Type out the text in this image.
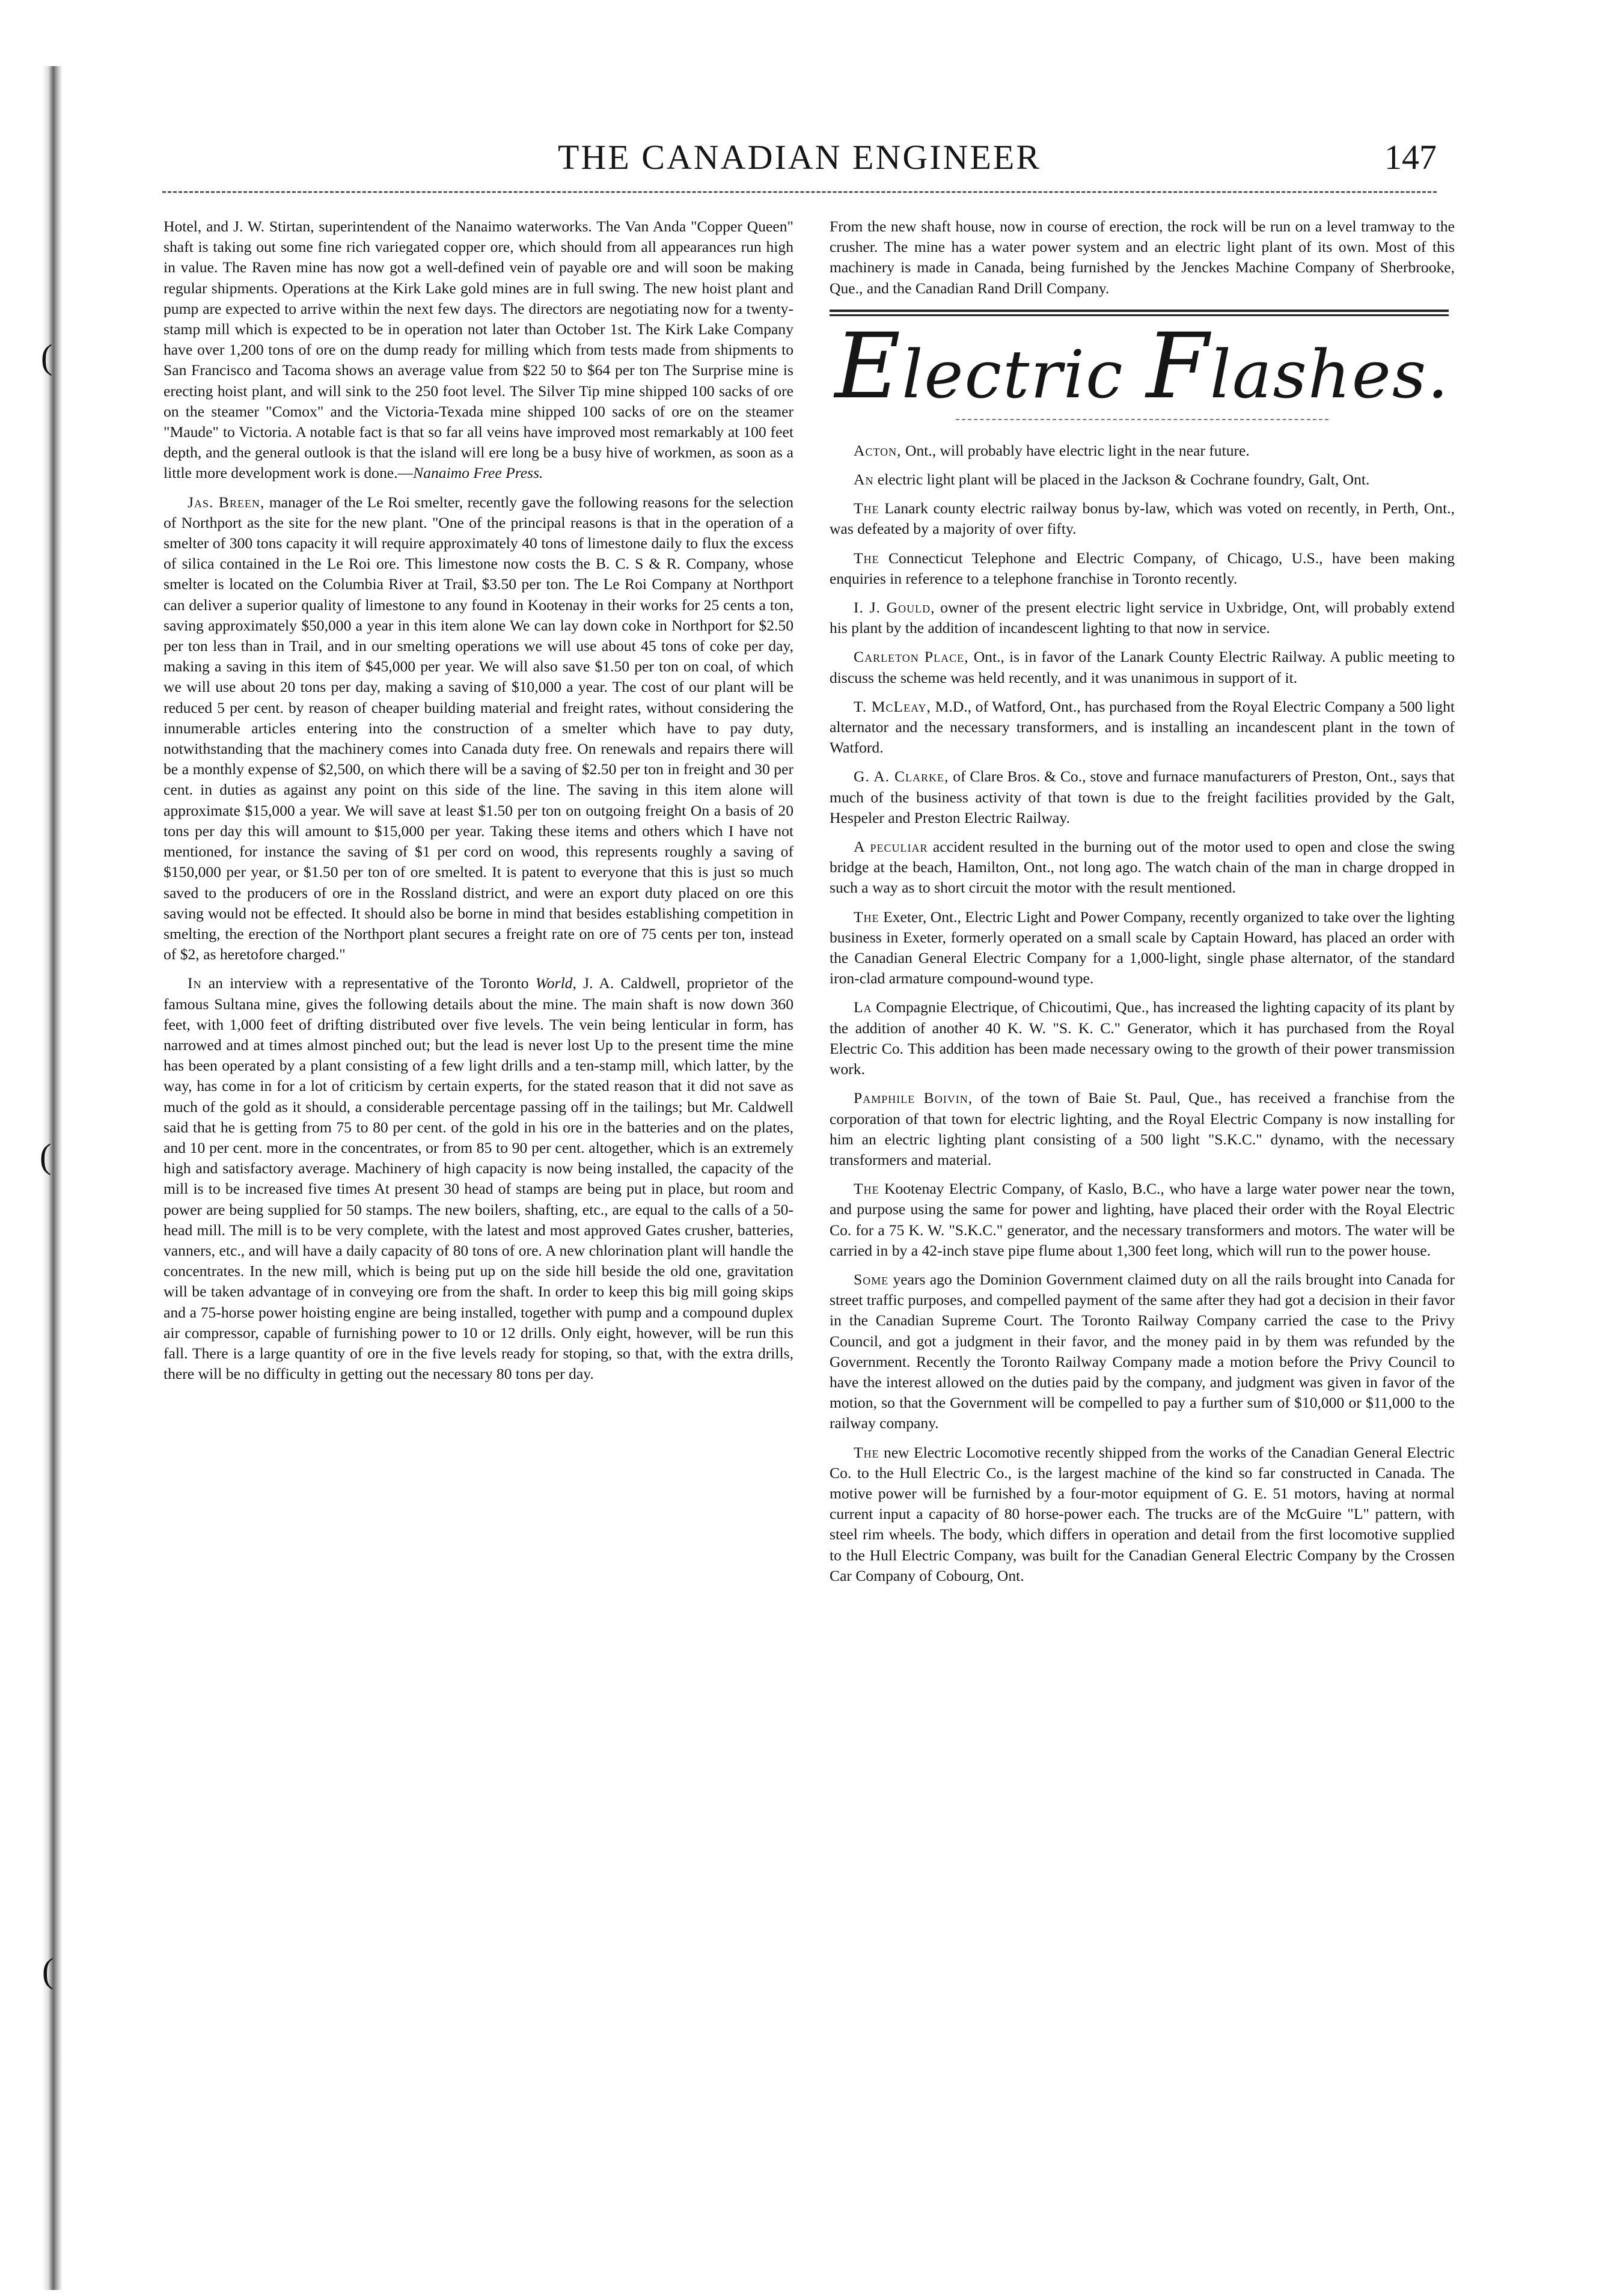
(
(
(
THE CANADIAN ENGINEER	147

Hotel, and J. W. Stirtan, superintendent of the Nanaimo waterworks. The Van Anda "Copper Queen" shaft is taking out some fine rich variegated copper ore, which should from all appearances run high in value. The Raven mine has now got a well-defined vein of payable ore and will soon be making regular shipments. Operations at the Kirk Lake gold mines are in full swing. The new hoist plant and pump are expected to arrive within the next few days. The directors are negotiating now for a twenty-stamp mill which is expected to be in operation not later than October 1st. The Kirk Lake Company have over 1,200 tons of ore on the dump ready for milling which from tests made from shipments to San Francisco and Tacoma shows an average value from $22 50 to $64 per ton The Surprise mine is erecting hoist plant, and will sink to the 250 foot level. The Silver Tip mine shipped 100 sacks of ore on the steamer "Comox" and the Victoria-Texada mine shipped 100 sacks of ore on the steamer "Maude" to Victoria. A notable fact is that so far all veins have improved most remarkably at 100 feet depth, and the general outlook is that the island will ere long be a busy hive of workmen, as soon as a little more development work is done.—Nanaimo Free Press.

Jas. Breen, manager of the Le Roi smelter, recently gave the following reasons for the selection of Northport as the site for the new plant. "One of the principal reasons is that in the operation of a smelter of 300 tons capacity it will require approximately 40 tons of limestone daily to flux the excess of silica contained in the Le Roi ore. This limestone now costs the B. C. S & R. Company, whose smelter is located on the Columbia River at Trail, $3.50 per ton. The Le Roi Company at Northport can deliver a superior quality of limestone to any found in Kootenay in their works for 25 cents a ton, saving approximately $50,000 a year in this item alone We can lay down coke in Northport for $2.50 per ton less than in Trail, and in our smelting operations we will use about 45 tons of coke per day, making a saving in this item of $45,000 per year. We will also save $1.50 per ton on coal, of which we will use about 20 tons per day, making a saving of $10,000 a year. The cost of our plant will be reduced 5 per cent. by reason of cheaper building material and freight rates, without considering the innumerable articles entering into the construction of a smelter which have to pay duty, notwithstanding that the machinery comes into Canada duty free. On renewals and repairs there will be a monthly expense of $2,500, on which there will be a saving of $2.50 per ton in freight and 30 per cent. in duties as against any point on this side of the line. The saving in this item alone will approximate $15,000 a year. We will save at least $1.50 per ton on outgoing freight On a basis of 20 tons per day this will amount to $15,000 per year. Taking these items and others which I have not mentioned, for instance the saving of $1 per cord on wood, this represents roughly a saving of $150,000 per year, or $1.50 per ton of ore smelted. It is patent to everyone that this is just so much saved to the producers of ore in the Rossland district, and were an export duty placed on ore this saving would not be effected. It should also be borne in mind that besides establishing competition in smelting, the erection of the Northport plant secures a freight rate on ore of 75 cents per ton, instead of $2, as heretofore charged."

In an interview with a representative of the Toronto World, J. A. Caldwell, proprietor of the famous Sultana mine, gives the following details about the mine. The main shaft is now down 360 feet, with 1,000 feet of drifting distributed over five levels. The vein being lenticular in form, has narrowed and at times almost pinched out; but the lead is never lost Up to the present time the mine has been operated by a plant consisting of a few light drills and a ten-stamp mill, which latter, by the way, has come in for a lot of criticism by certain experts, for the stated reason that it did not save as much of the gold as it should, a considerable percentage passing off in the tailings; but Mr. Caldwell said that he is getting from 75 to 80 per cent. of the gold in his ore in the batteries and on the plates, and 10 per cent. more in the concentrates, or from 85 to 90 per cent. altogether, which is an extremely high and satisfactory average. Machinery of high capacity is now being installed, the capacity of the mill is to be increased five times At present 30 head of stamps are being put in place, but room and power are being supplied for 50 stamps. The new boilers, shafting, etc., are equal to the calls of a 50-head mill. The mill is to be very complete, with the latest and most approved Gates crusher, batteries, vanners, etc., and will have a daily capacity of 80 tons of ore. A new chlorination plant will handle the concentrates. In the new mill, which is being put up on the side hill beside the old one, gravitation will be taken advantage of in conveying ore from the shaft. In order to keep this big mill going skips and a 75-horse power hoisting engine are being installed, together with pump and a compound duplex air compressor, capable of furnishing power to 10 or 12 drills. Only eight, however, will be run this fall. There is a large quantity of ore in the five levels ready for stoping, so that, with the extra drills, there will be no difficulty in getting out the necessary 80 tons per day.

From the new shaft house, now in course of erection, the rock will be run on a level tramway to the crusher. The mine has a water power system and an electric light plant of its own. Most of this machinery is made in Canada, being furnished by the Jenckes Machine Company of Sherbrooke, Que., and the Canadian Rand Drill Company.

Electric Flashes.

Acton, Ont., will probably have electric light in the near future.

An electric light plant will be placed in the Jackson & Cochrane foundry, Galt, Ont.

The Lanark county electric railway bonus by-law, which was voted on recently, in Perth, Ont., was defeated by a majority of over fifty.

The Connecticut Telephone and Electric Company, of Chicago, U.S., have been making enquiries in reference to a telephone franchise in Toronto recently.

I. J. Gould, owner of the present electric light service in Uxbridge, Ont, will probably extend his plant by the addition of incandescent lighting to that now in service.

Carleton Place, Ont., is in favor of the Lanark County Electric Railway. A public meeting to discuss the scheme was held recently, and it was unanimous in support of it.

T. McLeay, M.D., of Watford, Ont., has purchased from the Royal Electric Company a 500 light alternator and the necessary transformers, and is installing an incandescent plant in the town of Watford.

G. A. Clarke, of Clare Bros. & Co., stove and furnace manufacturers of Preston, Ont., says that much of the business activity of that town is due to the freight facilities provided by the Galt, Hespeler and Preston Electric Railway.

A peculiar accident resulted in the burning out of the motor used to open and close the swing bridge at the beach, Hamilton, Ont., not long ago. The watch chain of the man in charge dropped in such a way as to short circuit the motor with the result mentioned.

The Exeter, Ont., Electric Light and Power Company, recently organized to take over the lighting business in Exeter, formerly operated on a small scale by Captain Howard, has placed an order with the Canadian General Electric Company for a 1,000-light, single phase alternator, of the standard iron-clad armature compound-wound type.

La Compagnie Electrique, of Chicoutimi, Que., has increased the lighting capacity of its plant by the addition of another 40 K. W. "S. K. C." Generator, which it has purchased from the Royal Electric Co. This addition has been made necessary owing to the growth of their power transmission work.

Pamphile Boivin, of the town of Baie St. Paul, Que., has received a franchise from the corporation of that town for electric lighting, and the Royal Electric Company is now installing for him an electric lighting plant consisting of a 500 light "S.K.C." dynamo, with the necessary transformers and material.

The Kootenay Electric Company, of Kaslo, B.C., who have a large water power near the town, and purpose using the same for power and lighting, have placed their order with the Royal Electric Co. for a 75 K. W. "S.K.C." generator, and the necessary transformers and motors. The water will be carried in by a 42-inch stave pipe flume about 1,300 feet long, which will run to the power house.

Some years ago the Dominion Government claimed duty on all the rails brought into Canada for street traffic purposes, and compelled payment of the same after they had got a decision in their favor in the Canadian Supreme Court. The Toronto Railway Company carried the case to the Privy Council, and got a judgment in their favor, and the money paid in by them was refunded by the Government. Recently the Toronto Railway Company made a motion before the Privy Council to have the interest allowed on the duties paid by the company, and judgment was given in favor of the motion, so that the Government will be compelled to pay a further sum of $10,000 or $11,000 to the railway company.

The new Electric Locomotive recently shipped from the works of the Canadian General Electric Co. to the Hull Electric Co., is the largest machine of the kind so far constructed in Canada. The motive power will be furnished by a four-motor equipment of G. E. 51 motors, having at normal current input a capacity of 80 horse-power each. The trucks are of the McGuire "L" pattern, with steel rim wheels. The body, which differs in operation and detail from the first locomotive supplied to the Hull Electric Company, was built for the Canadian General Electric Company by the Crossen Car Company of Cobourg, Ont.
